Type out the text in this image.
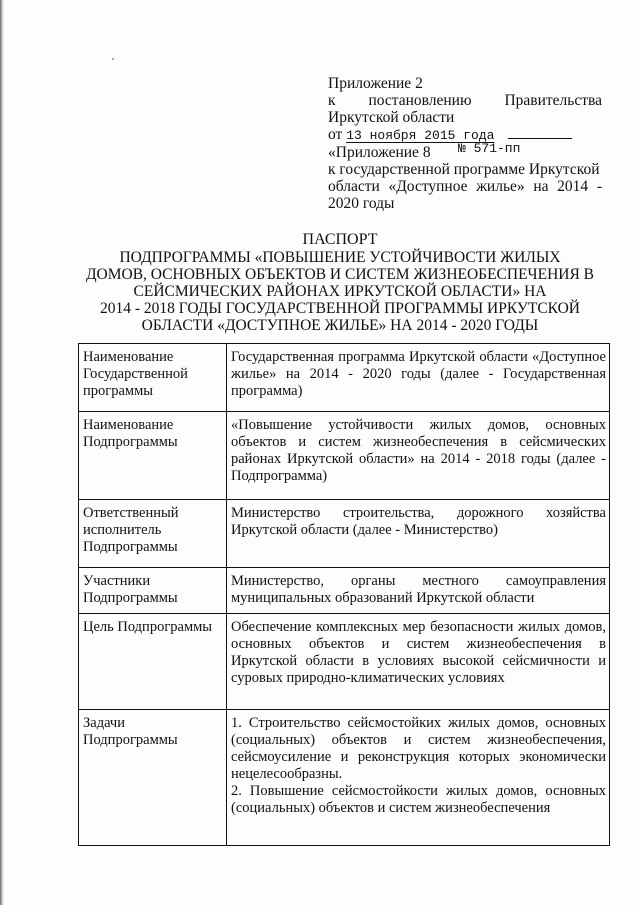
Приложение 2
к постановлению Правительства
Иркутской области
от 13 ноября 2015 года
«Приложение 8 № 571-пп
к государственной программе Иркутской
области «Доступное жилье» на 2014 -
2020 годы
ПАСПОРТ
ПОДПРОГРАММЫ «ПОВЫШЕНИЕ УСТОЙЧИВОСТИ ЖИЛЫХ
ДОМОВ, ОСНОВНЫХ ОБЪЕКТОВ И СИСТЕМ ЖИЗНЕОБЕСПЕЧЕНИЯ В
СЕЙСМИЧЕСКИХ РАЙОНАХ ИРКУТСКОЙ ОБЛАСТИ» НА
2014 - 2018 ГОДЫ ГОСУДАРСТВЕННОЙ ПРОГРАММЫ ИРКУТСКОЙ
ОБЛАСТИ «ДОСТУПНОЕ ЖИЛЬЕ» НА 2014 - 2020 ГОДЫ
Наименование Государственной программы	Государственная программа Иркутской области «Доступное жилье» на 2014 - 2020 годы (далее - Государственная программа)

Наименование Подпрограммы	«Повышение устойчивости жилых домов, основных объектов и систем жизнеобеспечения в сейсмических районах Иркутской области» на 2014 - 2018 годы (далее - Подпрограмма)

Ответственный исполнитель Подпрограммы	Министерство строительства, дорожного хозяйства Иркутской области (далее - Министерство)

Участники Подпрограммы	Министерство, органы местного самоуправления муниципальных образований Иркутской области

Цель Подпрограммы	Обеспечение комплексных мер безопасности жилых домов, основных объектов и систем жизнеобеспечения в Иркутской области в условиях высокой сейсмичности и суровых природно-климатических условиях

Задачи Подпрограммы	1. Строительство сейсмостойких жилых домов, основных (социальных) объектов и систем жизнеобеспечения, сейсмоусиление и реконструкция которых экономически нецелесообразны.

2. Повышение сейсмостойкости жилых домов, основных (социальных) объектов и систем жизнеобеспечения
